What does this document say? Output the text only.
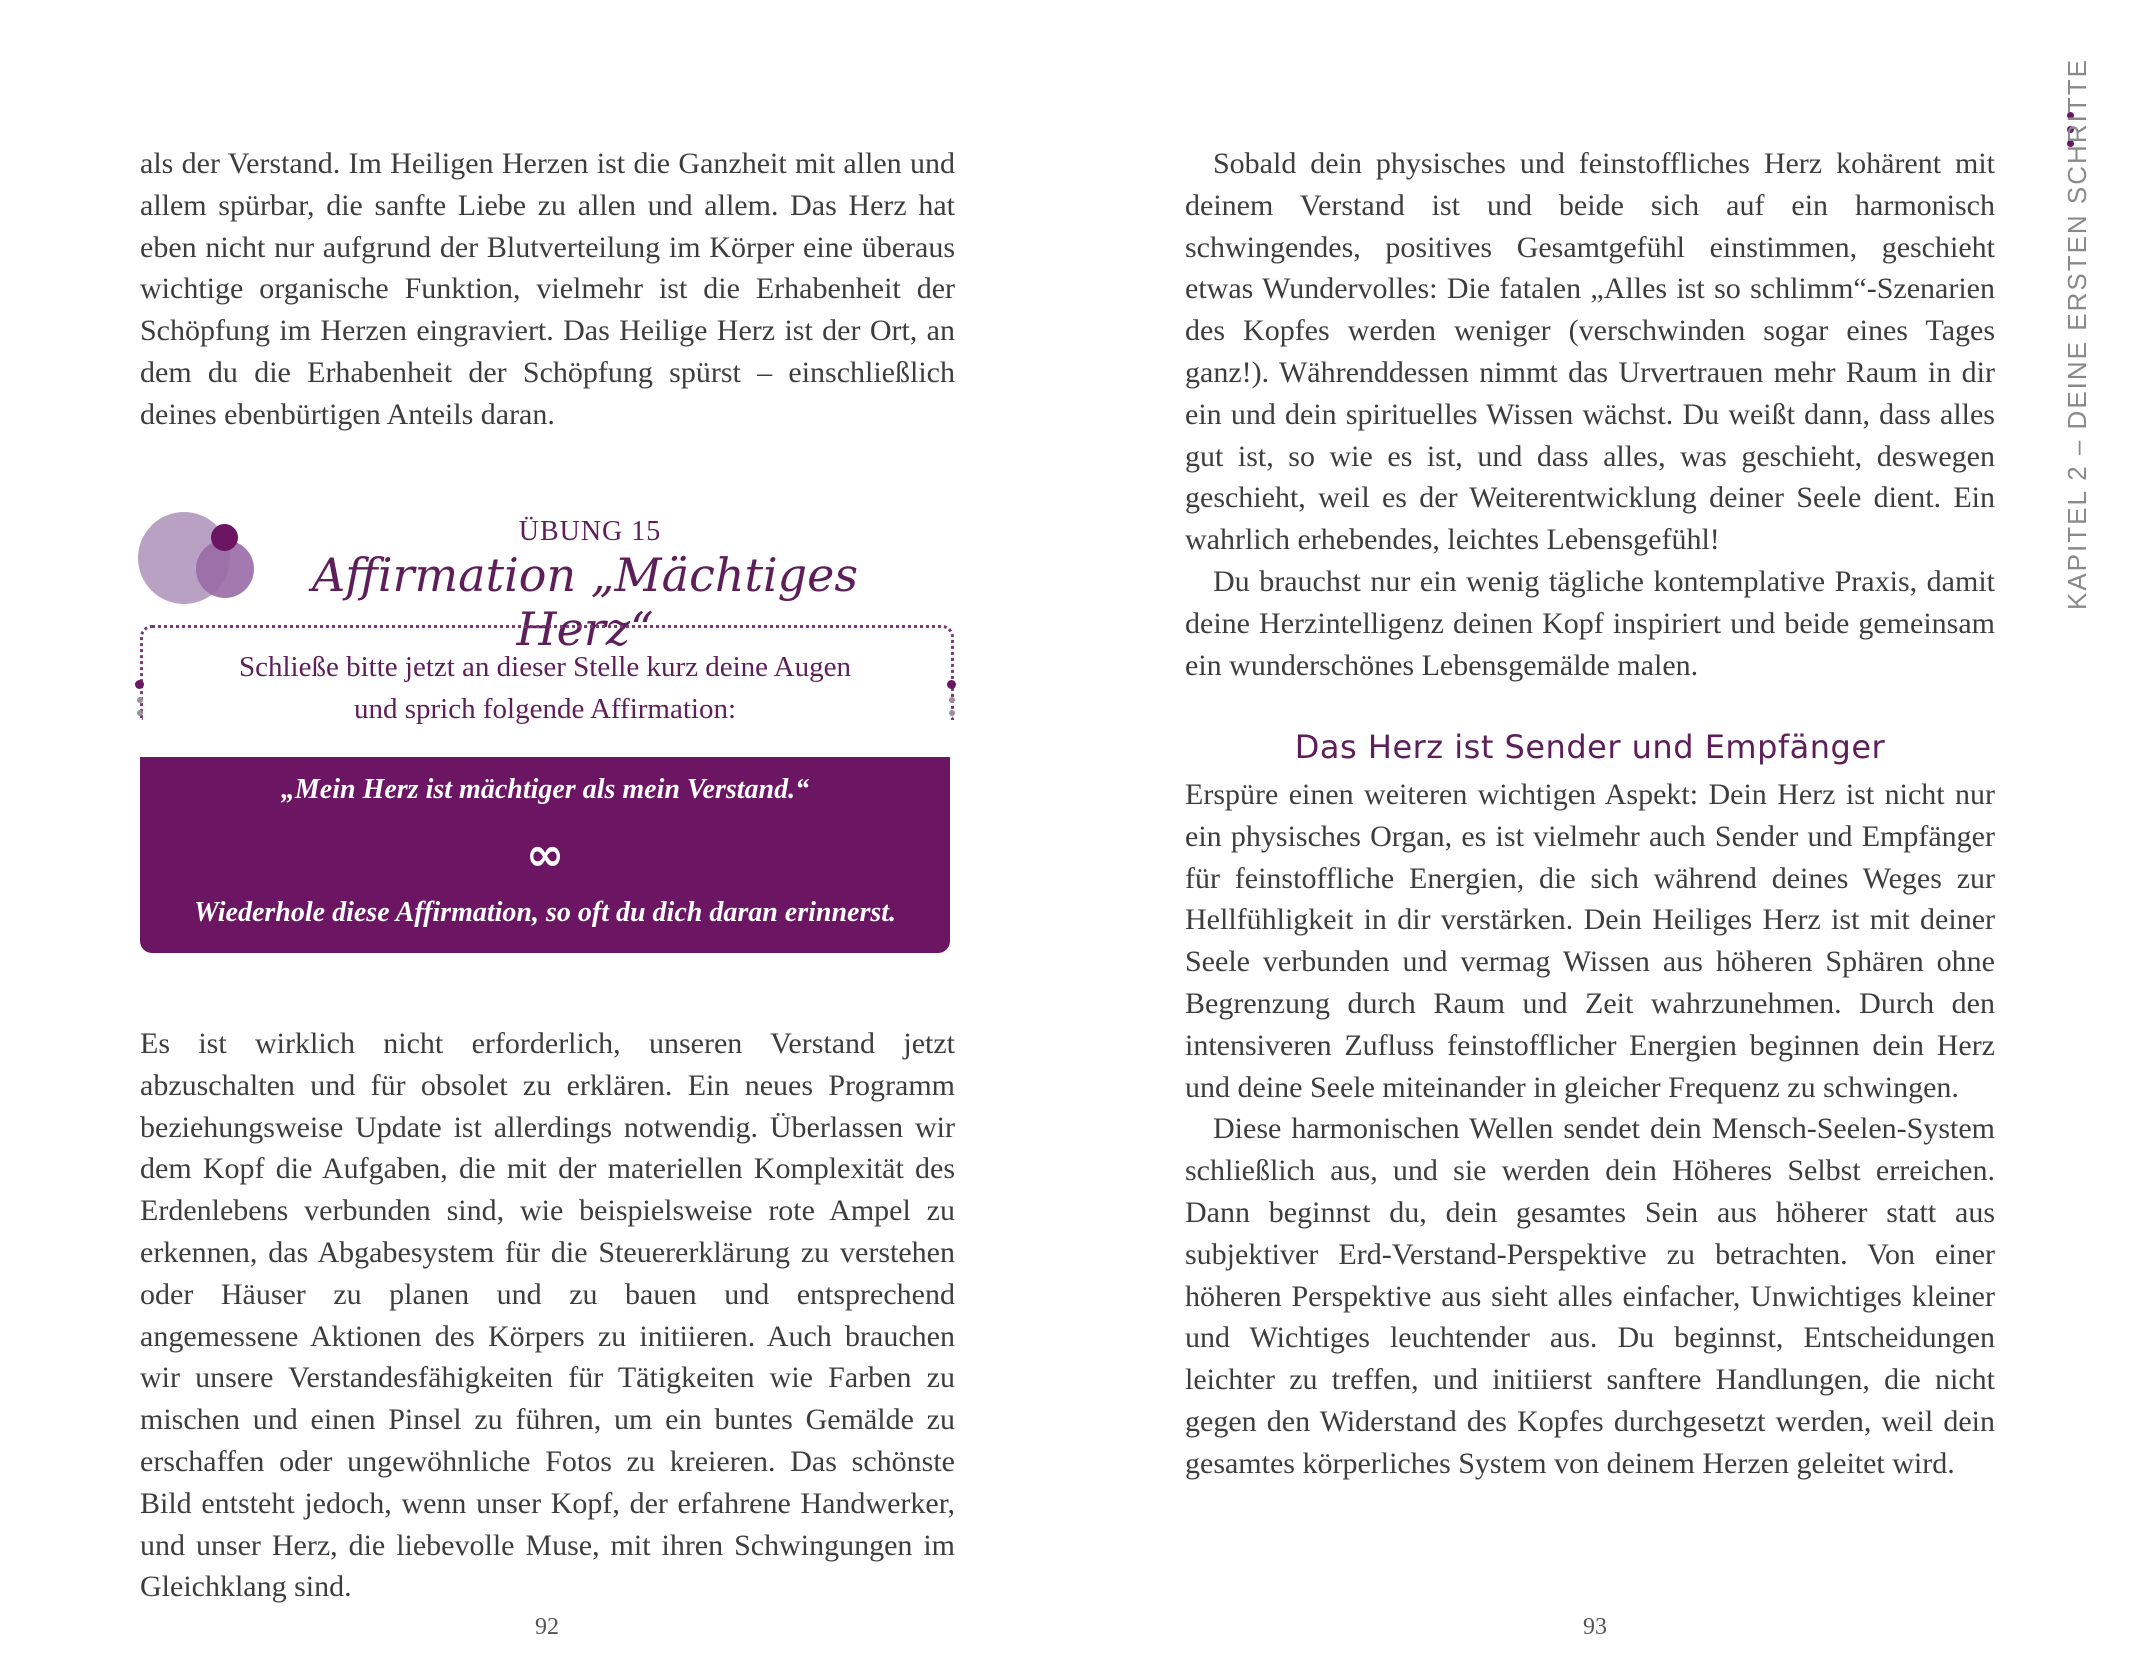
als der Verstand. Im Heiligen Herzen ist die Ganzheit mit allen und allem spürbar, die sanfte Liebe zu allen und allem. Das Herz hat eben nicht nur aufgrund der Blutverteilung im Körper eine überaus wichtige organische Funktion, vielmehr ist die Erhabenheit der Schöpfung im Herzen eingraviert. Das Heilige Herz ist der Ort, an dem du die Erhabenheit der Schöpfung spürst – einschließlich deines ebenbürtigen Anteils daran.

ÜBUNG 15
Affirmation „Mächtiges Herz“
Schließe bitte jetzt an dieser Stelle kurz deine Augen
und sprich folgende Affirmation:
„Mein Herz ist mächtiger als mein Verstand.“
∞
Wiederhole diese Affirmation, so oft du dich daran erinnerst.

Es ist wirklich nicht erforderlich, unseren Verstand jetzt abzuschalten und für obsolet zu erklären. Ein neues Programm beziehungsweise Update ist allerdings notwendig. Überlassen wir dem Kopf die Aufgaben, die mit der materiellen Komplexität des Erdenlebens verbunden sind, wie beispielsweise rote Ampel zu erkennen, das Abgabesystem für die Steuererklärung zu verstehen oder Häuser zu planen und zu bauen und entsprechend angemessene Aktionen des Körpers zu initiieren. Auch brauchen wir unsere Verstandesfähigkeiten für Tätigkeiten wie Farben zu mischen und einen Pinsel zu führen, um ein buntes Gemälde zu erschaffen oder ungewöhnliche Fotos zu kreieren. Das schönste Bild entsteht jedoch, wenn unser Kopf, der erfahrene Handwerker, und unser Herz, die liebevolle Muse, mit ihren Schwingungen im Gleichklang sind.

92

Sobald dein physisches und feinstoffliches Herz kohärent mit deinem Verstand ist und beide sich auf ein harmonisch schwingendes, positives Gesamtgefühl einstimmen, geschieht etwas Wundervolles: Die fatalen „Alles ist so schlimm“-Szenarien des Kopfes werden weniger (verschwinden sogar eines Tages ganz!). Währenddessen nimmt das Urvertrauen mehr Raum in dir ein und dein spirituelles Wissen wächst. Du weißt dann, dass alles gut ist, so wie es ist, und dass alles, was geschieht, deswegen geschieht, weil es der Weiterentwicklung deiner Seele dient. Ein wahrlich erhebendes, leichtes Lebensgefühl!

Du brauchst nur ein wenig tägliche kontemplative Praxis, damit deine Herzintelligenz deinen Kopf inspiriert und beide gemeinsam ein wunderschönes Lebensgemälde malen.

Das Herz ist Sender und Empfänger

Erspüre einen weiteren wichtigen Aspekt: Dein Herz ist nicht nur ein physisches Organ, es ist vielmehr auch Sender und Empfänger für feinstoffliche Energien, die sich während deines Weges zur Hellfühligkeit in dir verstärken. Dein Heiliges Herz ist mit deiner Seele verbunden und vermag Wissen aus höheren Sphären ohne Begrenzung durch Raum und Zeit wahrzunehmen. Durch den intensiveren Zufluss feinstofflicher Energien beginnen dein Herz und deine Seele miteinander in gleicher Frequenz zu schwingen.

Diese harmonischen Wellen sendet dein Mensch-Seelen-System schließlich aus, und sie werden dein Höheres Selbst erreichen. Dann beginnst du, dein gesamtes Sein aus höherer statt aus subjektiver Erd-Verstand-Perspektive zu betrachten. Von einer höheren Perspektive aus sieht alles einfacher, Unwichtiges kleiner und Wichtiges leuchtender aus. Du beginnst, Entscheidungen leichter zu treffen, und initiierst sanftere Handlungen, die nicht gegen den Widerstand des Kopfes durchgesetzt werden, weil dein gesamtes körperliches System von deinem Herzen geleitet wird.

KAPITEL 2 – DEINE ERSTEN SCHRITTE
93
